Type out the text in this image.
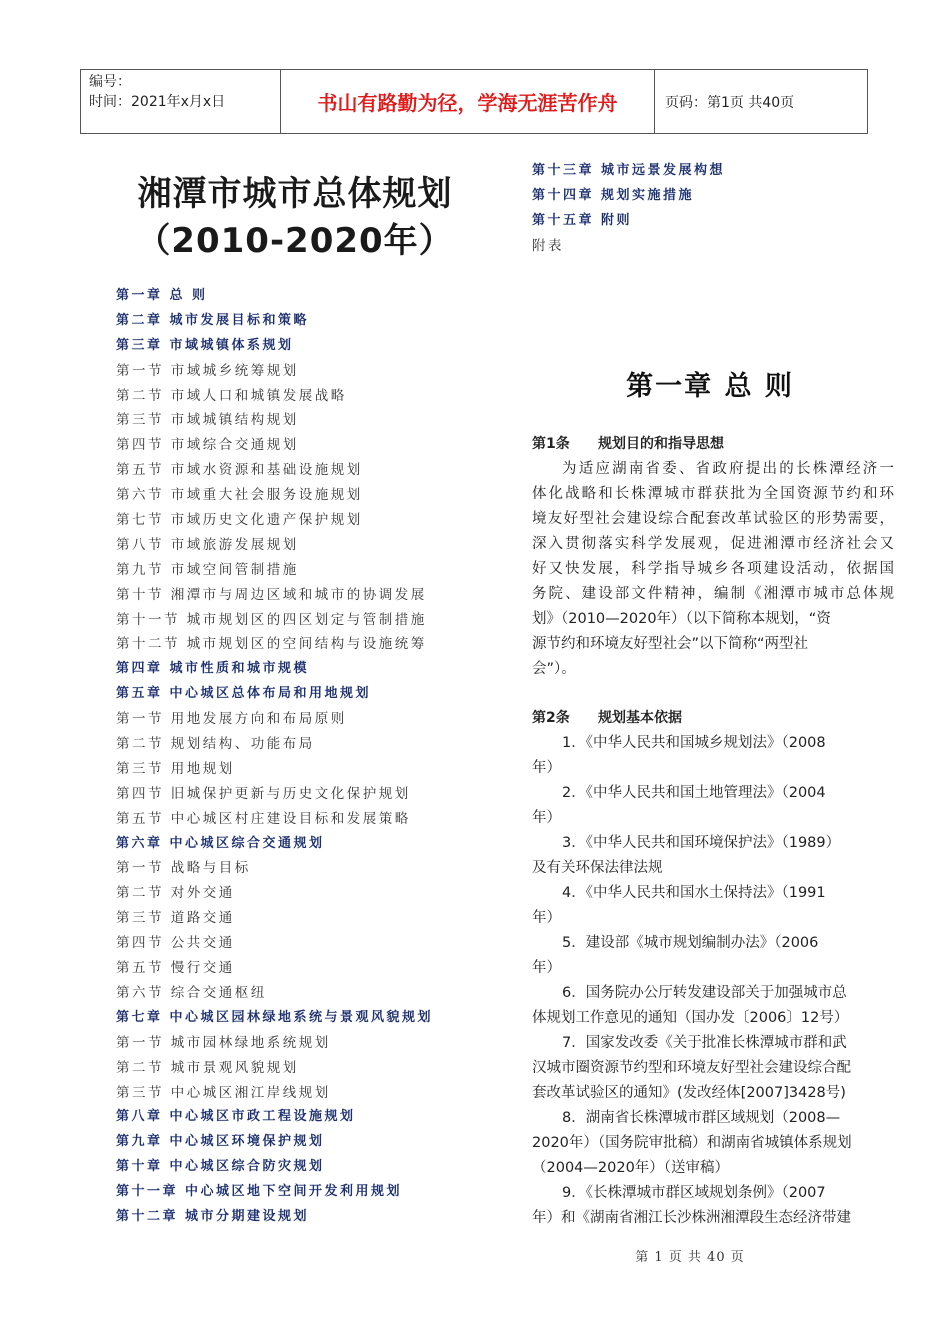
编号：
时间：2021年x月x日	书山有路勤为径，学海无涯苦作舟	页码：第1页 共40页
湘潭市城市总体规划
（2010-2020年）
第一章 总 则
第二章 城市发展目标和策略
第三章 市域城镇体系规划
第一节 市域城乡统筹规划
第二节 市域人口和城镇发展战略
第三节 市域城镇结构规划
第四节 市域综合交通规划
第五节 市域水资源和基础设施规划
第六节 市域重大社会服务设施规划
第七节 市域历史文化遗产保护规划
第八节 市域旅游发展规划
第九节 市域空间管制措施
第十节 湘潭市与周边区域和城市的协调发展
第十一节 城市规划区的四区划定与管制措施
第十二节 城市规划区的空间结构与设施统筹
第四章 城市性质和城市规模
第五章 中心城区总体布局和用地规划
第一节 用地发展方向和布局原则
第二节 规划结构、功能布局
第三节 用地规划
第四节 旧城保护更新与历史文化保护规划
第五节 中心城区村庄建设目标和发展策略
第六章 中心城区综合交通规划
第一节 战略与目标
第二节 对外交通
第三节 道路交通
第四节 公共交通
第五节 慢行交通
第六节 综合交通枢纽
第七章 中心城区园林绿地系统与景观风貌规划
第一节 城市园林绿地系统规划
第二节 城市景观风貌规划
第三节 中心城区湘江岸线规划
第八章 中心城区市政工程设施规划
第九章 中心城区环境保护规划
第十章 中心城区综合防灾规划
第十一章 中心城区地下空间开发利用规划
第十二章 城市分期建设规划
第十三章 城市远景发展构想
第十四章 规划实施措施
第十五章 附则
附表
第一章 总 则
第1条 规划目的和指导思想
为适应湖南省委、省政府提出的长株潭经济一
体化战略和长株潭城市群获批为全国资源节约和环
境友好型社会建设综合配套改革试验区的形势需要，
深入贯彻落实科学发展观，促进湘潭市经济社会又
好又快发展，科学指导城乡各项建设活动，依据国
务院、建设部文件精神，编制《湘潭市城市总体规
划》（2010—2020年）（以下简称本规划，“资
源节约和环境友好型社会”以下简称“两型社
会”）。
第2条 规划基本依据
1．《中华人民共和国城乡规划法》（2008
年）
2．《中华人民共和国土地管理法》（2004
年）
3．《中华人民共和国环境保护法》（1989）
及有关环保法律法规
4．《中华人民共和国水土保持法》（1991
年）
5．建设部《城市规划编制办法》（2006
年）
6．国务院办公厅转发建设部关于加强城市总
体规划工作意见的通知（国办发〔2006〕12号）
7．国家发改委《关于批准长株潭城市群和武
汉城市圈资源节约型和环境友好型社会建设综合配
套改革试验区的通知》(发改经体[2007]3428号)
8．湖南省长株潭城市群区域规划（2008—
2020年）（国务院审批稿）和湖南省城镇体系规划
（2004—2020年）（送审稿）
9．《长株潭城市群区域规划条例》（2007
年）和《湖南省湘江长沙株洲湘潭段生态经济带建
第 1 页 共 40 页
